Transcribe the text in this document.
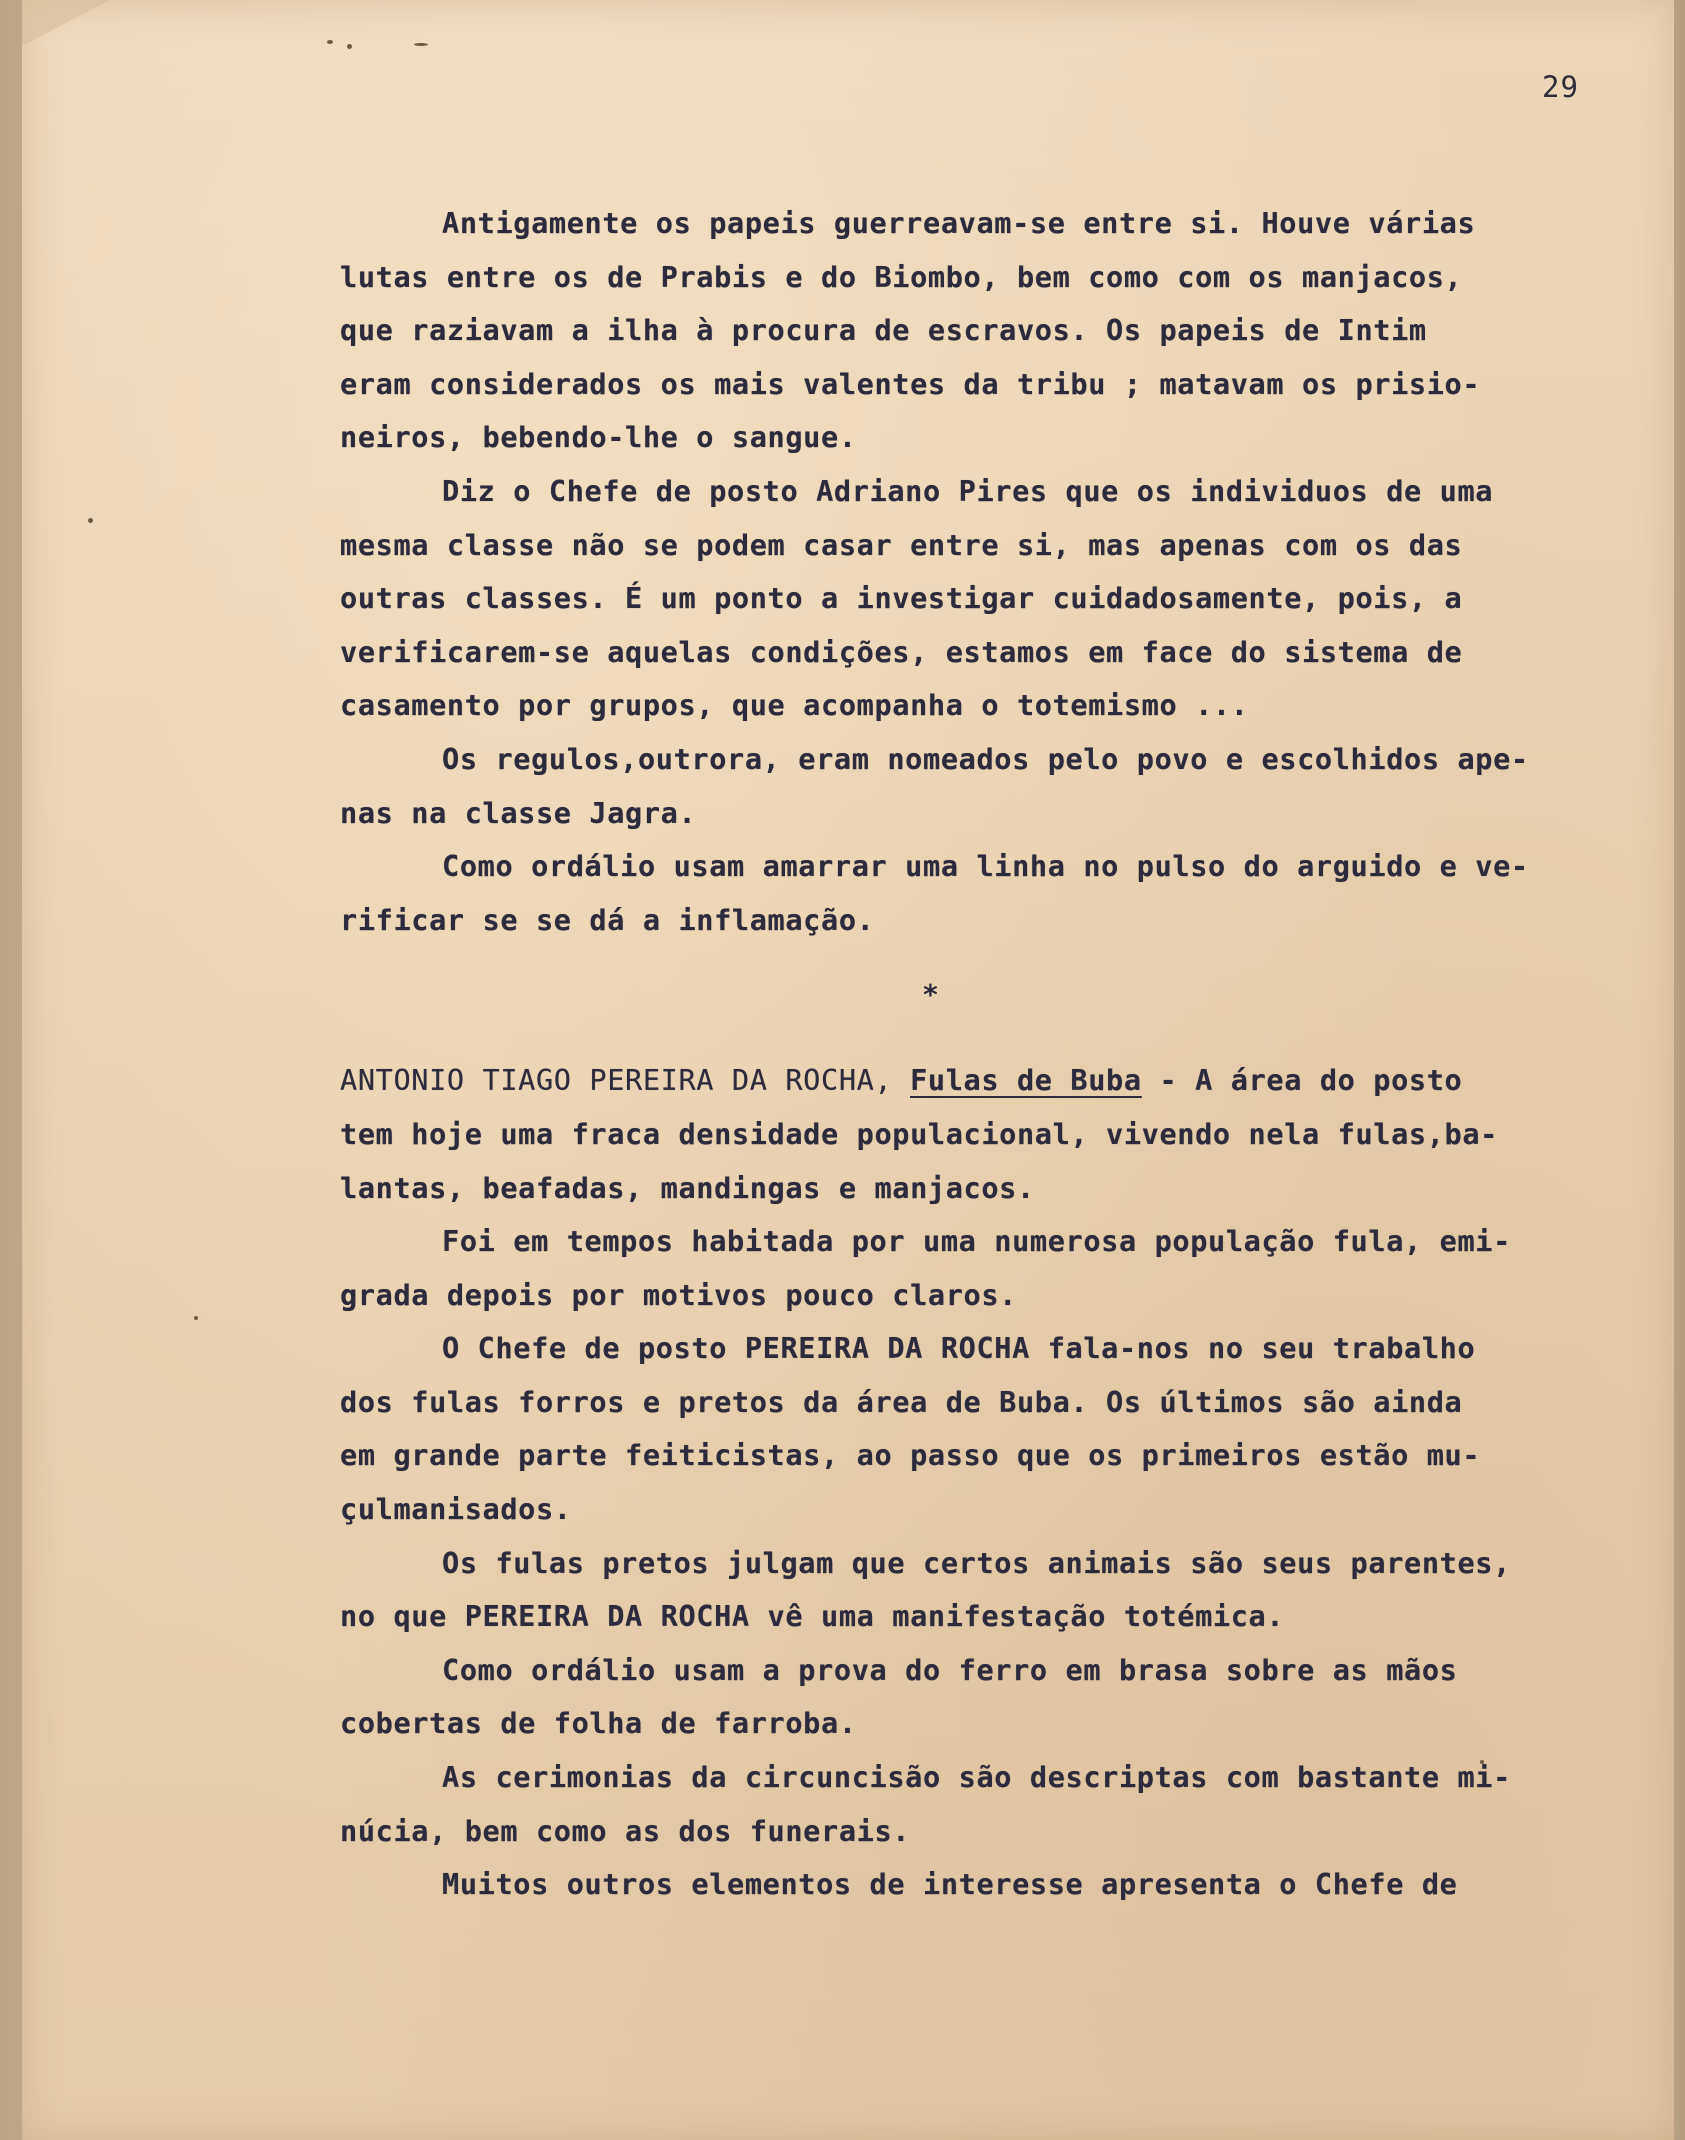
29
Antigamente os papeis guerreavam-se entre si. Houve várias
lutas entre os de Prabis e do Biombo, bem como com os manjacos,
que raziavam a ilha à procura de escravos. Os papeis de Intim
eram considerados os mais valentes da tribu ; matavam os prisio-
neiros, bebendo-lhe o sangue.
Diz o Chefe de posto Adriano Pires que os individuos de uma
mesma classe não se podem casar entre si, mas apenas com os das
outras classes. É um ponto a investigar cuidadosamente, pois, a
verificarem-se aquelas condições, estamos em face do sistema de
casamento por grupos, que acompanha o totemismo ...
Os regulos,outrora, eram nomeados pelo povo e escolhidos ape-
nas na classe Jagra.
Como ordálio usam amarrar uma linha no pulso do arguido e ve-
rificar se se dá a inflamação.
*
ANTONIO TIAGO PEREIRA DA ROCHA, Fulas de Buba - A área do posto
tem hoje uma fraca densidade populacional, vivendo nela fulas,ba-
lantas, beafadas, mandingas e manjacos.
Foi em tempos habitada por uma numerosa população fula, emi-
grada depois por motivos pouco claros.
O Chefe de posto PEREIRA DA ROCHA fala-nos no seu trabalho
dos fulas forros e pretos da área de Buba. Os últimos são ainda
em grande parte feiticistas, ao passo que os primeiros estão mu-
çulmanisados.
Os fulas pretos julgam que certos animais são seus parentes,
no que PEREIRA DA ROCHA vê uma manifestação totémica.
Como ordálio usam a prova do ferro em brasa sobre as mãos
cobertas de folha de farroba.
As cerimonias da circuncisão são descriptas com bastante mi-
núcia, bem como as dos funerais.
Muitos outros elementos de interesse apresenta o Chefe de
